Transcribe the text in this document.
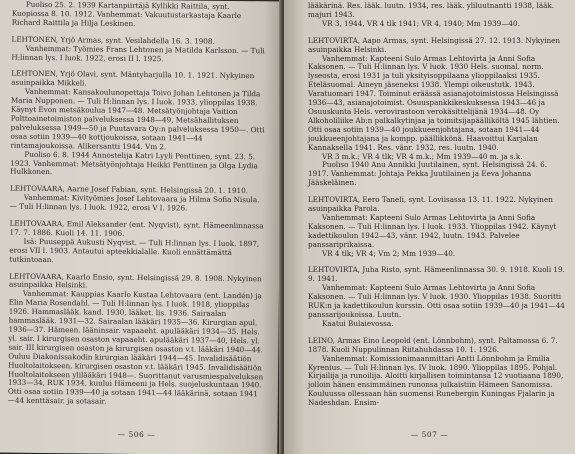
Puoliso 25. 2. 1939 Kartanpiirtäjä Kyllikki Raittila, synt. Kuopiossa 8. 10. 1912. Vanhemmat: Vakuutustarkastaja Kaarle Richard Raittila ja Hilja Leskinen.

LEHTONEN, Yrjö Armas, synt. Vesilahdella 16. 3. 1908.

Vanhemmat: Työmies Frans Lehtonen ja Matilda Karlsson. — Tuli H:linnan lys. I luok. 1922, erosi II l. 1925.

LEHTONEN, Yrjö Olavi, synt. Mäntyharjulla 10. 1. 1921. Nykyinen asuinpaikka Mikkeli.

Vanhemmat: Kansakoulunopettaja Toivo Johan Lehtonen ja Tilda Maria Nupponen. — Tuli H:linnan lys. I luok. 1933, ylioppilas 1938. Käynyt Evon metsäkoulua 1947—48. Metsätyönjohtaja Vaition Polttoainetoimiston palveluksessa 1948—49, Metsähallituksen palveluksessa 1949—50 ja Puutavara Oy:n palveluksessa 1950—. Otti osaa sotiin 1939—40 kottjoukoissa, sotaan 1941—44 rintamajoukoissa. Alikersantti 1944. Vm 2.

Puoliso 6. 8. 1944 Annostelija Katri Lyyli Penttinen, synt. 23. 5. 1923. Vanhemmat: Metsätyönjohtaja Heikki Penttinen ja Olga Lydia Hulkkonen.

LEHTOVAARA, Aarne Josef Fabian, synt. Helsingissä 20. 1. 1910.

Vanhemmat: Kivityömies Josef Lehtovaara ja Hilma Sofia Nisula. — Tuli H:linnan lys. I luok. 1922, erosi V l. 1926.

LEHTOVAARA, Emil Aleksander (ent. Nyqvist), synt. Hämeenlinnassa 17. 7. 1886. Kuoli 14. 11. 1906.

Isä: Puuseppä Aukusti Nyqvist. — Tuli H:linnan lys. I luok. 1897, erosi VII l. 1903. Antautui apteekkialalle. Kuoli ennättämättä tutkintoaan.

LEHTOVAARA, Kaarlo Ensio, synt. Helsingissä 29. 8. 1908. Nykyinen asuinpaikka Helsinki.

Vanhemmat: Kauppias Kaarlo Kustaa Lehtovaara (ent. Landén) ja Elin Maria Rosendahl. — Tuli H:linnan lys. I luok. 1918, ylioppilas 1926. Hammaslääk. kand. 1930, lääket. lis. 1936. Sairaalan hammaslääk. 1931—32. Sairaalan lääkäri 1935—36. Kirurgian apul. 1936—37. Hämeen. lääninsair. vapaaeht. apulääkäri 1934—35. Hels. yl. sair. I kirurgisen osaston vapaaeht. apulääkäri 1937—40, Hels. yl. sair. III kirurgisen osaston ja kirurgisen osaston v.t. lääkäri 1940—44. Ouluu Diakonissakodin kirurgian lääkäri 1944—45. Invalidisäätiön Huoltolaitokseen, kirurgisen osaston v.t. lääkäri 1945. Invalidisäätiön Huoltolaitokseen ylilääkäri 1948—. Suorittanut varusmiespalveluksen 1933—34, RUK 1934, kuului Hämeeni ja Hels. suojeluskuntaan 1940. Otti osaa sotiin 1939—40 ja sotaan 1941—44 lääkärinä, sotaan 1941—44 kenttäsair. ja sotasair.

— 506 —

lääkärinä. Res. lääk. luutn. 1934, res. lääk. yliluutnantti 1938, lääk. majuri 1943.

VR 3, 1944, VR 4 tlk 1941; VR 4, 1940; Mm 1939—40.

LEHTOVIRTA, Aapo Armas, synt. Helsingissä 27. 12. 1913. Nykyinen asuinpaikka Helsinki.

Vanhemmat: Kapteeni Sulo Armas Lehtovirta ja Anni Sofia Kaksonen. — Tuli H:linnan lys. V luok. 1930 Hels. suomal. norm. lyseosta, erosi 1931 ja tuli yksityisoppilaana ylioppilaaksi 1935. Eteläsuomal. Aineyn jäseneksi 1938. Ylempi oikeustutk. 1943. Varatuomari 1947. Toiminut eräässä asianajotoimistossa Helsingissä 1936—43, asianajotoimist. Osuuspankkikeskuksessa 1943—46 ja Osuuskunta Hels. verovirastoon verokäsittelijänä 1934—48. Oy Alkoholiliike Ab:n palkalkytinjaa ja toimitsijapäälliköltä 1945 lähtien. Otti osaa sotiin 1939—40 joukkueenjohtajana, sotaan 1941—44 joukkueenjohtajana ja kompp. päällikkönä. Haavoittui Karjalan Kannaksella 1941. Res. vänr. 1932, res. luutn. 1940.

VR 3 m.k.; VR 4 tlk; VR 4 m.k.; Mm 1939—40 m. ja s.k.

Puoliso 1940 Anu Annikki Juutilainen, synt. Helsingissä 24. 6. 1917. Vanhemmat: Johtaja Pekka Juutilainen ja Eeva Johanna Jääskeläinen.

LEHTOVIRTA, Eero Taneli, synt. Loviisassa 13. 11. 1922. Nykyinen asuinpaikka Parola.

Vanhemmat: Kapteeni Sulo Armas Lehtovirta ja Anni Sofia Kaksonen. — Tuli H:linnan lys. I luok. 1933. Ylioppilas 1942. Käynyt kadettikoulun 1942—43, vänr. 1942, luutn. 1943. Palvelee panssariprikaissa.

VR 4 tlk; VR 4; Vm 2; Mm 1939—40.

LEHTOVIRTA, Juha Risto, synt. Hämeenlinnassa 30. 9. 1918. Kuoli 19. 9. 1941.

Vanhemmat: Kapteeni Sulo Armas Lehtovirta ja Anni Sofia Kaksonen. — Tuli H:linnan lys. V luok. 1930. Ylioppilas 1938. Suoritti RUK:n ja kadettikoulun kurssin. Otti osaa sotiin 1939—40 ja 1941—44 panssarijoukoissa. Luutn.

Kaatui Bulaievossa.

LEINO, Armas Eino Leopold (ent. Lönnbohm), synt. Paltamossa 6. 7. 1878. Kuoli Nuppulinnan Riitahuhdassa 10. 1. 1926.

Vanhemmat: Komissionimaanmittari Antti Lönnbohm ja Emilia Kyrenius. — Tuli H:linnan lys. IV luok. 1890. Ylioppilas 1895. Pohjal. Kirjailija ja runoilija. Aloitti kirjallisen toimintansa 12 vuotiaana 1890, jolloin hänen ensimmäinen runonsa julkaistiin Hämeen Sanomissa. Kouluussa ollessaan hän suomensi Runebergin Kuningas Fjalarin ja Nadeshdan. Ensim-

— 507 —
